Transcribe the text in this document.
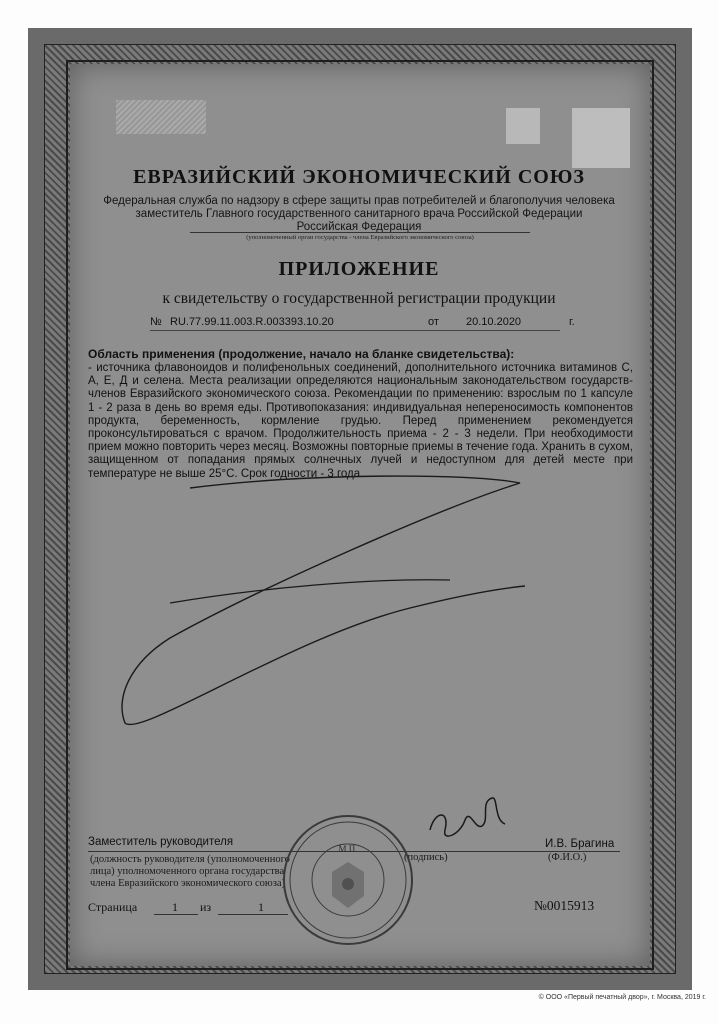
ЕВРАЗИЙСКИЙ ЭКОНОМИЧЕСКИЙ СОЮЗ
Федеральная служба по надзору в сфере защиты прав потребителей и благополучия человека
заместитель Главного государственного санитарного врача Российской Федерации
Российская Федерация
(уполномоченный орган государства - члена Евразийского экономического союза)
ПРИЛОЖЕНИЕ
к свидетельству о государственной регистрации продукции
№ RU.77.99.11.003.R.003393.10.20	от 20.10.2020	г.
Область применения (продолжение, начало на бланке свидетельства):
- источника флавоноидов и полифенольных соединений, дополнительного источника витаминов С, А, Е, Д и селена. Места реализации определяются национальным законодательством государств-членов Евразийского экономического союза. Рекомендации по применению: взрослым по 1 капсуле 1 - 2 раза в день во время еды. Противопоказания: индивидуальная непереносимость компонентов продукта, беременность, кормление грудью. Перед применением рекомендуется проконсультироваться с врачом. Продолжительность приема - 2 - 3 недели. При необходимости прием можно повторить через месяц. Возможны повторные приемы в течение года. Хранить в сухом, защищенном от попадания прямых солнечных лучей и недоступном для детей месте при температуре не выше 25°С. Срок годности - 3 года.
Заместитель руководителя	И.В. Брагина
(должность руководителя (уполномоченного
лица) уполномоченного органа государства
члена Евразийского экономического союза)
(подпись)	(Ф.И.О.)
М.П.
Страница	1 из	1	№0015913
© ООО «Первый печатный двор», г. Москва, 2019 г.
